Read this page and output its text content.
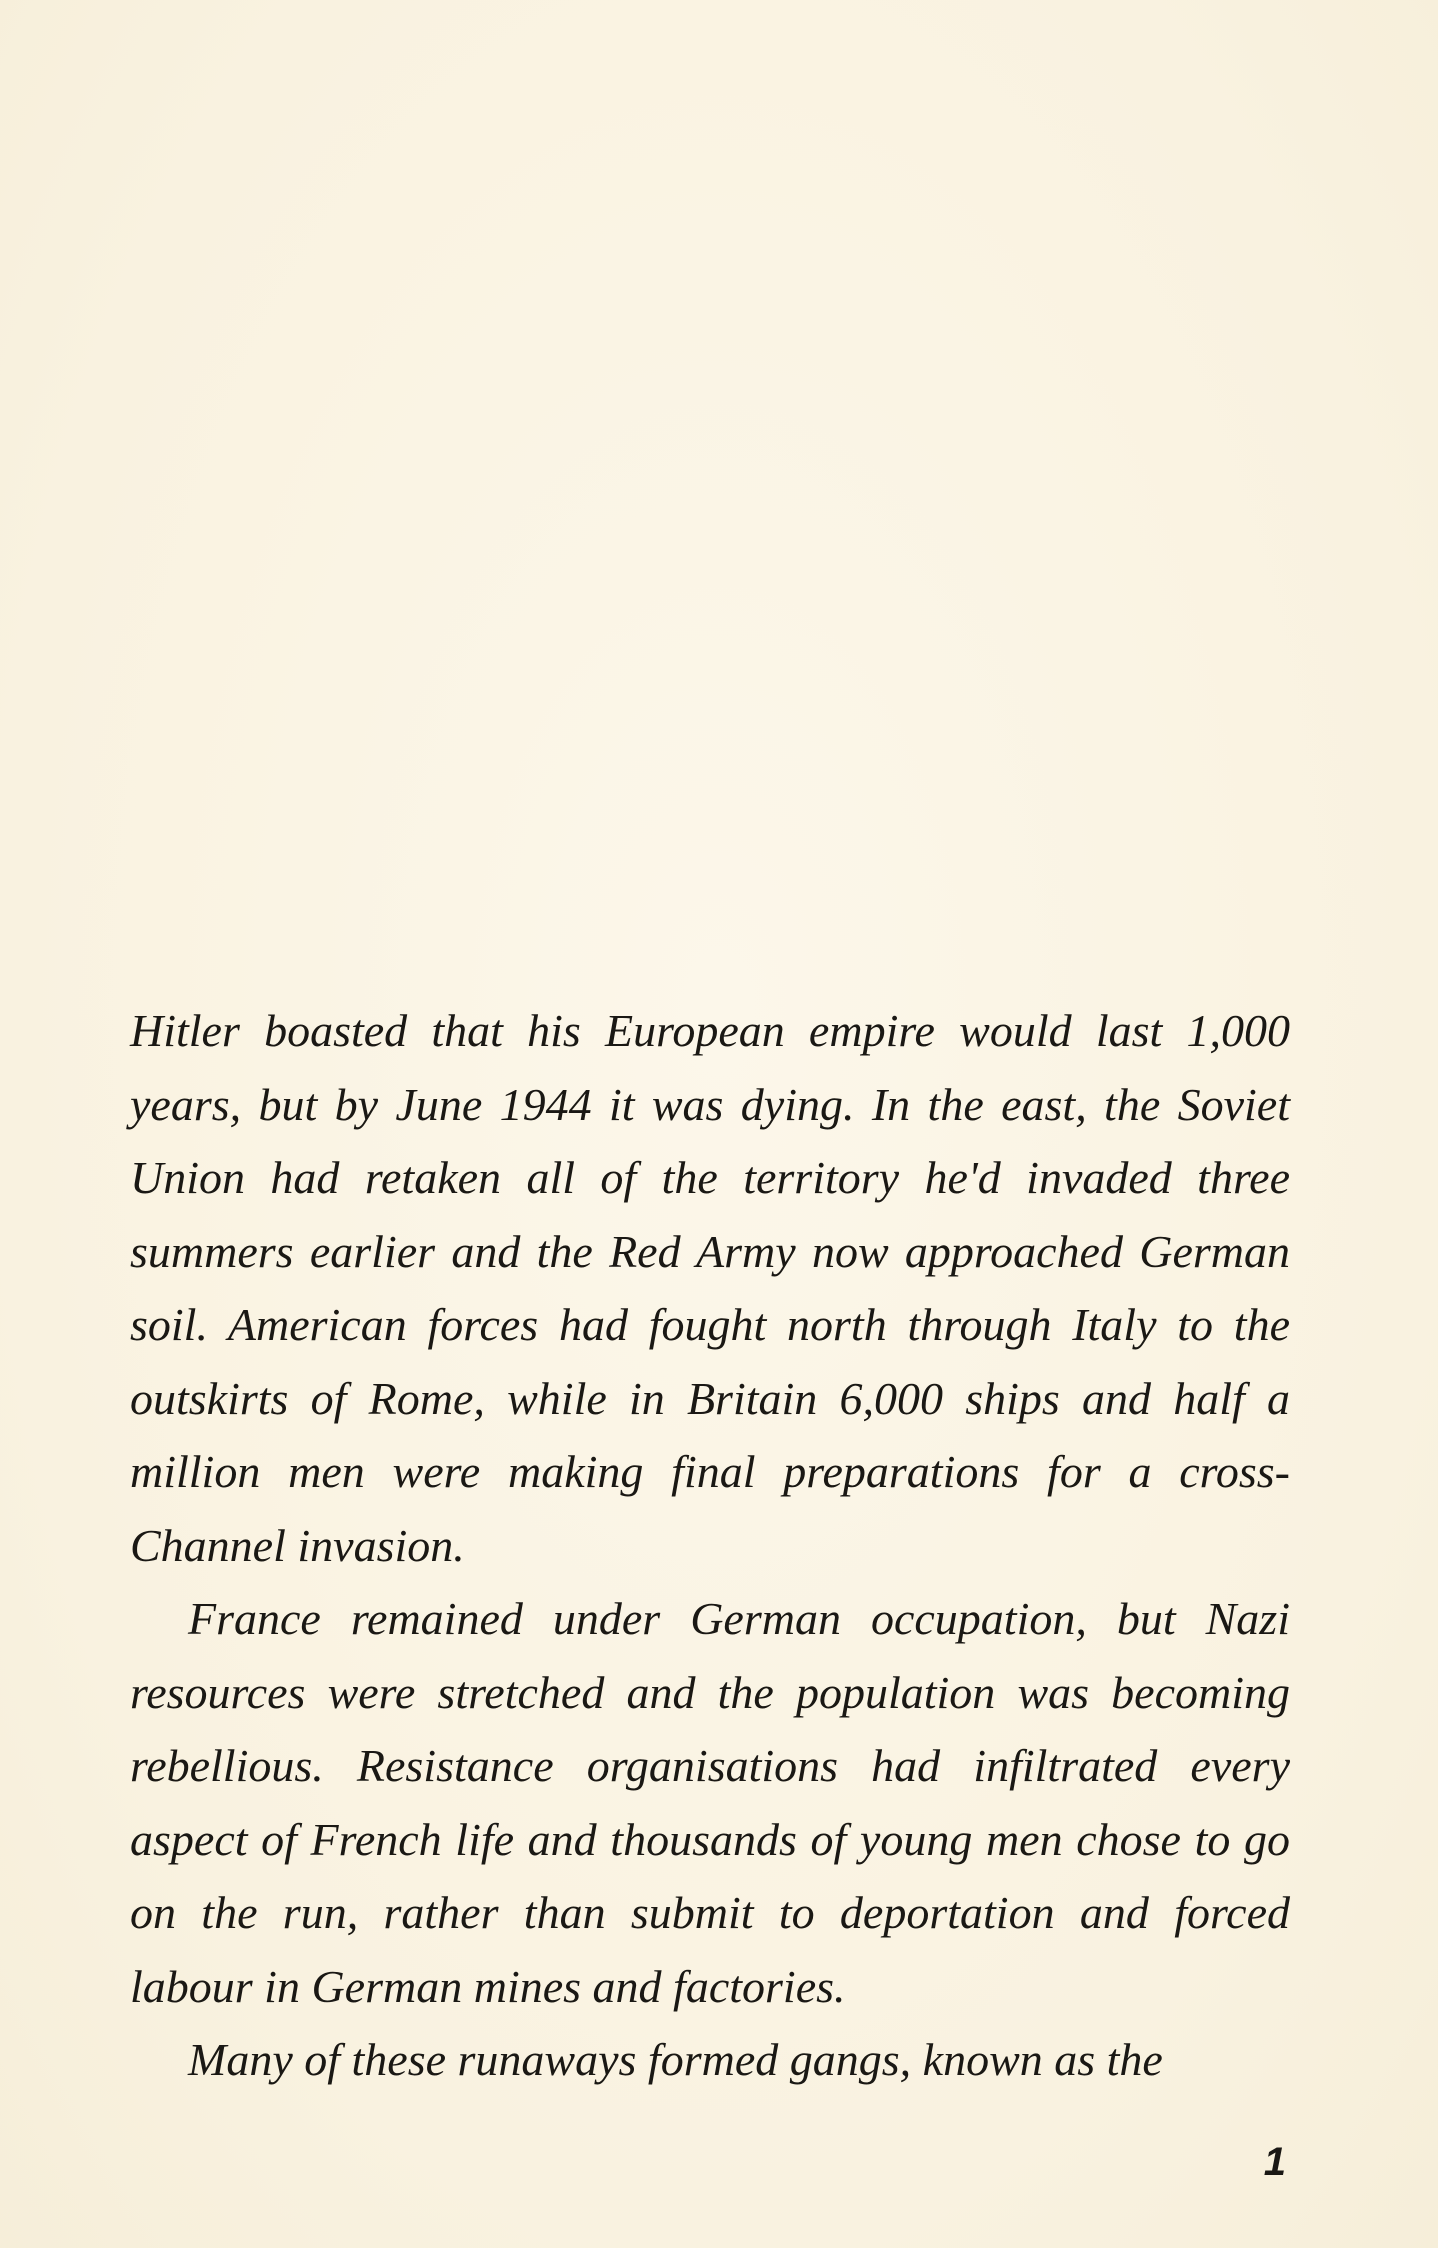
Hitler boasted that his European empire would last 1,000 years, but by June 1944 it was dying. In the east, the Soviet Union had retaken all of the territory he'd invaded three summers earlier and the Red Army now approached German soil. American forces had fought north through Italy to the outskirts of Rome, while in Britain 6,000 ships and half a million men were making final preparations for a cross-Channel invasion.

France remained under German occupation, but Nazi resources were stretched and the population was becoming rebellious. Resistance organisations had infiltrated every aspect of French life and thousands of young men chose to go on the run, rather than submit to deportation and forced labour in German mines and factories.

Many of these runaways formed gangs, known as the

1
